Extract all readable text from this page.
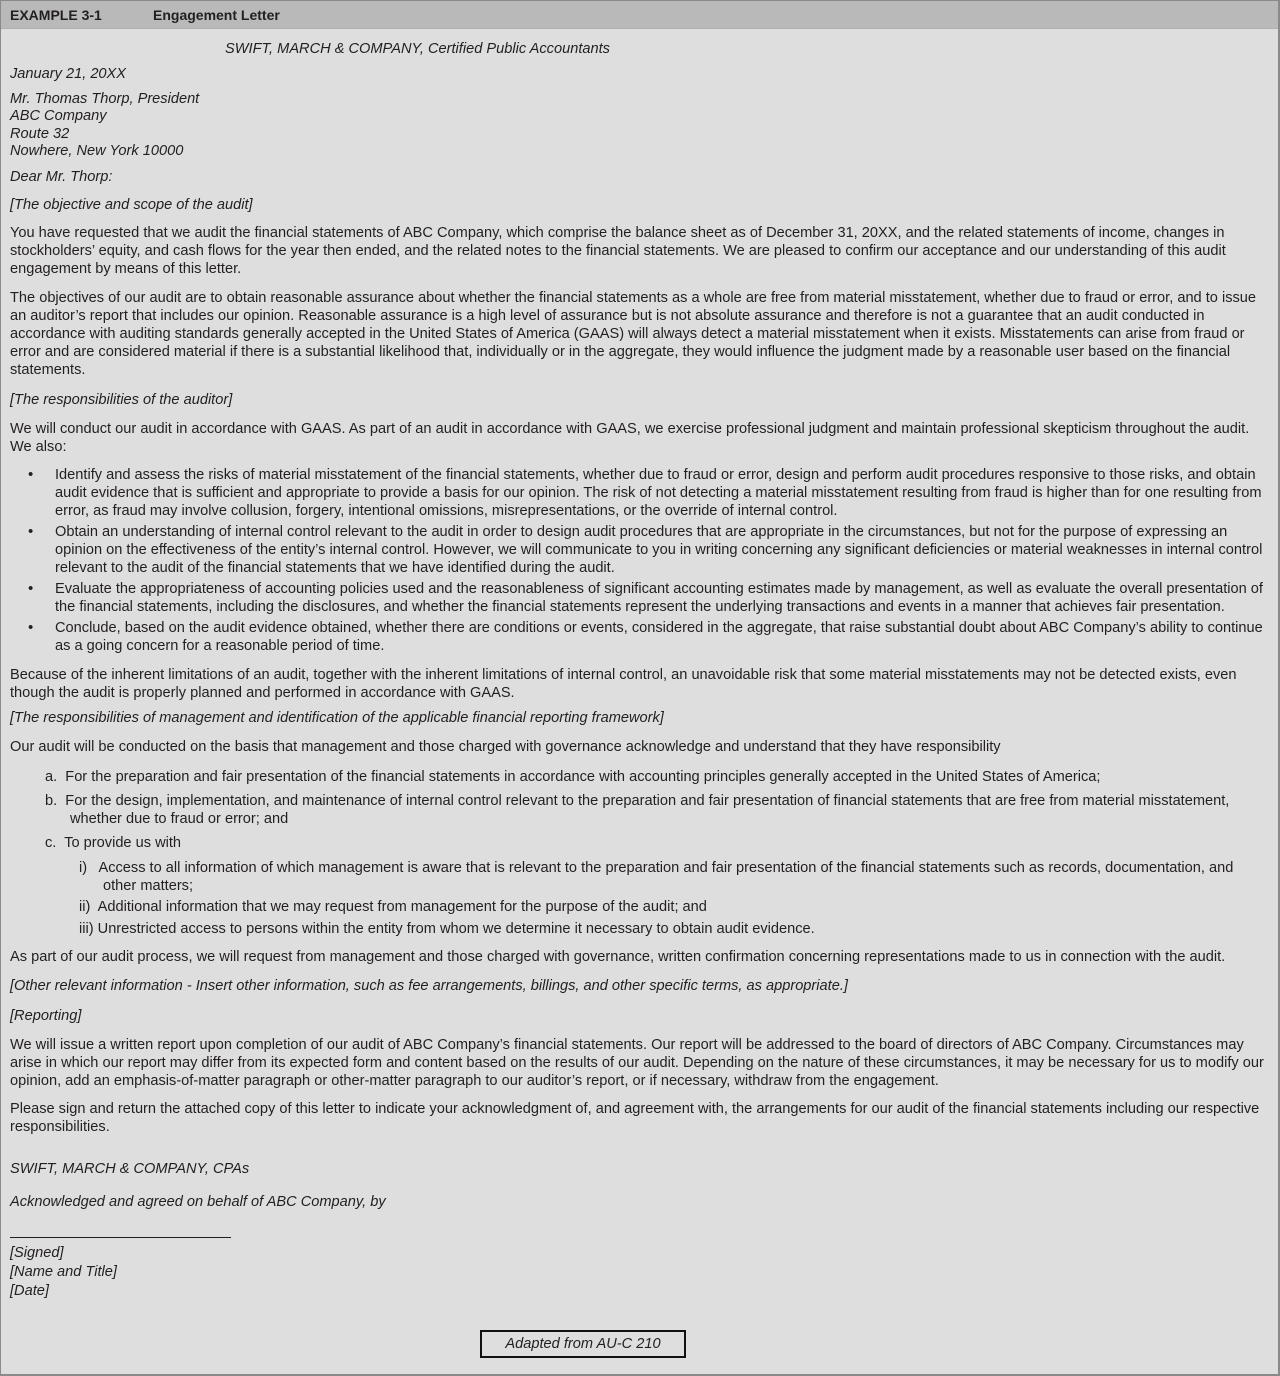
EXAMPLE 3-1	Engagement Letter

SWIFT, MARCH & COMPANY, Certified Public Accountants

January 21, 20XX

Mr. Thomas Thorp, President
ABC Company
Route 32
Nowhere, New York 10000

Dear Mr. Thorp:

[The objective and scope of the audit]

You have requested that we audit the financial statements of ABC Company, which comprise the balance sheet as of December 31, 20XX, and the related statements of income, changes in stockholders’ equity, and cash flows for the year then ended, and the related notes to the financial statements. We are pleased to confirm our acceptance and our understanding of this audit engagement by means of this letter.

The objectives of our audit are to obtain reasonable assurance about whether the financial statements as a whole are free from material misstatement, whether due to fraud or error, and to issue an auditor’s report that includes our opinion. Reasonable assurance is a high level of assurance but is not absolute assurance and therefore is not a guarantee that an audit conducted in accordance with auditing standards generally accepted in the United States of America (GAAS) will always detect a material misstatement when it exists. Misstatements can arise from fraud or error and are considered material if there is a substantial likelihood that, individually or in the aggregate, they would influence the judgment made by a reasonable user based on the financial statements.

[The responsibilities of the auditor]

We will conduct our audit in accordance with GAAS. As part of an audit in accordance with GAAS, we exercise professional judgment and maintain professional skepticism throughout the audit. We also:

• Identify and assess the risks of material misstatement of the financial statements, whether due to fraud or error, design and perform audit procedures responsive to those risks, and obtain audit evidence that is sufficient and appropriate to provide a basis for our opinion. The risk of not detecting a material misstatement resulting from fraud is higher than for one resulting from error, as fraud may involve collusion, forgery, intentional omissions, misrepresentations, or the override of internal control.
• Obtain an understanding of internal control relevant to the audit in order to design audit procedures that are appropriate in the circumstances, but not for the purpose of expressing an opinion on the effectiveness of the entity’s internal control. However, we will communicate to you in writing concerning any significant deficiencies or material weaknesses in internal control relevant to the audit of the financial statements that we have identified during the audit.
• Evaluate the appropriateness of accounting policies used and the reasonableness of significant accounting estimates made by management, as well as evaluate the overall presentation of the financial statements, including the disclosures, and whether the financial statements represent the underlying transactions and events in a manner that achieves fair presentation.
• Conclude, based on the audit evidence obtained, whether there are conditions or events, considered in the aggregate, that raise substantial doubt about ABC Company’s ability to continue as a going concern for a reasonable period of time.

Because of the inherent limitations of an audit, together with the inherent limitations of internal control, an unavoidable risk that some material misstatements may not be detected exists, even though the audit is properly planned and performed in accordance with GAAS.

[The responsibilities of management and identification of the applicable financial reporting framework]

Our audit will be conducted on the basis that management and those charged with governance acknowledge and understand that they have responsibility

a. For the preparation and fair presentation of the financial statements in accordance with accounting principles generally accepted in the United States of America;
b. For the design, implementation, and maintenance of internal control relevant to the preparation and fair presentation of financial statements that are free from material misstatement, whether due to fraud or error; and
c. To provide us with
i) Access to all information of which management is aware that is relevant to the preparation and fair presentation of the financial statements such as records, documentation, and other matters;
ii) Additional information that we may request from management for the purpose of the audit; and
iii) Unrestricted access to persons within the entity from whom we determine it necessary to obtain audit evidence.

As part of our audit process, we will request from management and those charged with governance, written confirmation concerning representations made to us in connection with the audit.

[Other relevant information - Insert other information, such as fee arrangements, billings, and other specific terms, as appropriate.]

[Reporting]

We will issue a written report upon completion of our audit of ABC Company’s financial statements. Our report will be addressed to the board of directors of ABC Company. Circumstances may arise in which our report may differ from its expected form and content based on the results of our audit. Depending on the nature of these circumstances, it may be necessary for us to modify our opinion, add an emphasis-of-matter paragraph or other-matter paragraph to our auditor’s report, or if necessary, withdraw from the engagement.

Please sign and return the attached copy of this letter to indicate your acknowledgment of, and agreement with, the arrangements for our audit of the financial statements including our respective responsibilities.

SWIFT, MARCH & COMPANY, CPAs

Acknowledged and agreed on behalf of ABC Company, by

[Signed]
[Name and Title]
[Date]
Adapted from AU-C 210
